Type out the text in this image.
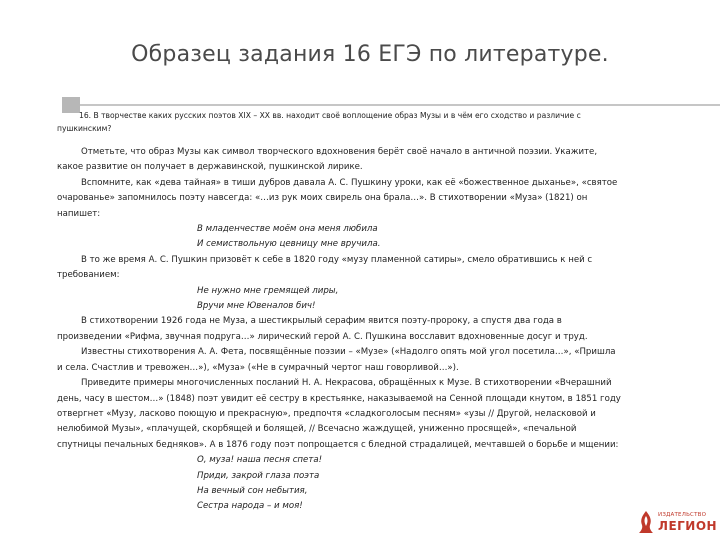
Образец задания 16 ЕГЭ по литературе.
16. В творчестве каких русских поэтов XIX – XX вв. находит своё воплощение образ Музы и в чём его сходство и различие с
пушкинским?

Отметьте, что образ Музы как символ творческого вдохновения берёт своё начало в античной поэзии. Укажите,

какое развитие он получает в державинской, пушкинской лирике.

Вспомните, как «дева тайная» в тиши дубров давала А. С. Пушкину уроки, как её «божественное дыханье», «святое

очарованье» запомнилось поэту навсегда: «…из рук моих свирель она брала…». В стихотворении «Муза» (1821) он

напишет:

В младенчестве моём она меня любила

И семиствольную цевницу мне вручила.

В то же время А. С. Пушкин призовёт к себе в 1820 году «музу пламенной сатиры», смело обратившись к ней с

требованием:

Не нужно мне гремящей лиры,

Вручи мне Ювеналов бич!

В стихотворении 1926 года не Муза, а шестикрылый серафим явится поэту-пророку, а спустя два года в

произведении «Рифма, звучная подруга…» лирический герой А. С. Пушкина восславит вдохновенные досуг и труд.

Известны стихотворения А. А. Фета, посвящённые поэзии – «Музе» («Надолго опять мой угол посетила…», «Пришла

и села. Счастлив и тревожен…»), «Муза» («Не в сумрачный чертог наш говорливой…»).

Приведите примеры многочисленных посланий Н. А. Некрасова, обращённых к Музе. В стихотворении «Вчерашний

день, часу в шестом…» (1848) поэт увидит её сестру в крестьянке, наказываемой на Сенной площади кнутом, в 1851 году

отвергнет «Музу, ласково поющую и прекрасную», предпочтя «сладкоголосым песням» «узы // Другой, неласковой и

нелюбимой Музы», «плачущей, скорбящей и болящей, // Всечасно жаждущей, униженно просящей», «печальной

спутницы печальных бедняков». А в 1876 году поэт попрощается с бледной страдалицей, мечтавшей о борьбе и мщении:

О, муза! наша песня спета!

Приди, закрой глаза поэта

На вечный сон небытия,

Сестра народа – и моя!

ИЗДАТЕЛЬСТВО
ЛЕГИОН
